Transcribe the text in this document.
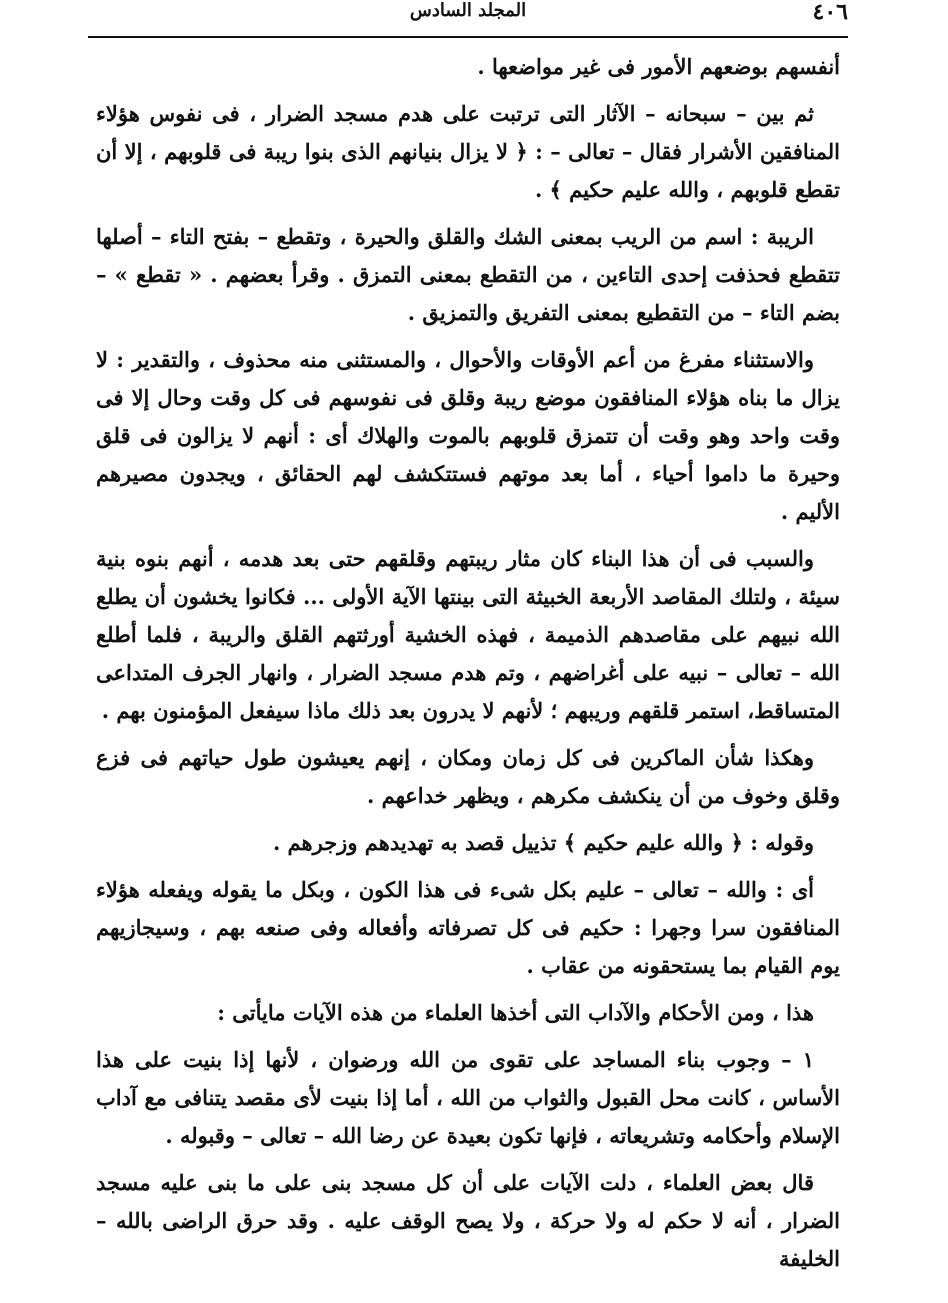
٤٠٦
المجلد السادس

أنفسهم بوضعهم الأمور فى غير مواضعها .

ثم بين – سبحانه – الآثار التى ترتبت على هدم مسجد الضرار ، فى نفوس هؤلاء المنافقين الأشرار فقال – تعالى – : ﴿ لا يزال بنيانهم الذى بنوا ريبة فى قلوبهم ، إلا أن تقطع قلوبهم ، والله عليم حكيم ﴾ .

الريبة : اسم من الريب بمعنى الشك والقلق والحيرة ، وتقطع – بفتح التاء – أصلها تتقطع فحذفت إحدى التاءين ، من التقطع بمعنى التمزق . وقرأ بعضهم . « تقطع » – بضم التاء – من التقطيع بمعنى التفريق والتمزيق .

والاستثناء مفرغ من أعم الأوقات والأحوال ، والمستثنى منه محذوف ، والتقدير : لا يزال ما بناه هؤلاء المنافقون موضع ريبة وقلق فى نفوسهم فى كل وقت وحال إلا فى وقت واحد وهو وقت أن تتمزق قلوبهم بالموت والهلاك أى : أنهم لا يزالون فى قلق وحيرة ما داموا أحياء ، أما بعد موتهم فستتكشف لهم الحقائق ، ويجدون مصيرهم الأليم .

والسبب فى أن هذا البناء كان مثار ريبتهم وقلقهم حتى بعد هدمه ، أنهم بنوه بنية سيئة ، ولتلك المقاصد الأربعة الخبيثة التى بينتها الآية الأولى ... فكانوا يخشون أن يطلع الله نبيهم على مقاصدهم الذميمة ، فهذه الخشية أورثتهم القلق والريبة ، فلما أطلع الله – تعالى – نبيه على أغراضهم ، وتم هدم مسجد الضرار ، وانهار الجرف المتداعى المتساقط، استمر قلقهم وريبهم ؛ لأنهم لا يدرون بعد ذلك ماذا سيفعل المؤمنون بهم .

وهكذا شأن الماكرين فى كل زمان ومكان ، إنهم يعيشون طول حياتهم فى فزع وقلق وخوف من أن ينكشف مكرهم ، ويظهر خداعهم .

وقوله : ﴿ والله عليم حكيم ﴾ تذييل قصد به تهديدهم وزجرهم .

أى : والله – تعالى – عليم بكل شىء فى هذا الكون ، وبكل ما يقوله ويفعله هؤلاء المنافقون سرا وجهرا : حكيم فى كل تصرفاته وأفعاله وفى صنعه بهم ، وسيجازيهم يوم القيام بما يستحقونه من عقاب .

هذا ، ومن الأحكام والآداب التى أخذها العلماء من هذه الآيات مايأتى :

١ – وجوب بناء المساجد على تقوى من الله ورضوان ، لأنها إذا بنيت على هذا الأساس ، كانت محل القبول والثواب من الله ، أما إذا بنيت لأى مقصد يتنافى مع آداب الإسلام وأحكامه وتشريعاته ، فإنها تكون بعيدة عن رضا الله – تعالى – وقبوله .

قال بعض العلماء ، دلت الآيات على أن كل مسجد بنى على ما بنى عليه مسجد الضرار ، أنه لا حكم له ولا حركة ، ولا يصح الوقف عليه . وقد حرق الراضى بالله – الخليفة
